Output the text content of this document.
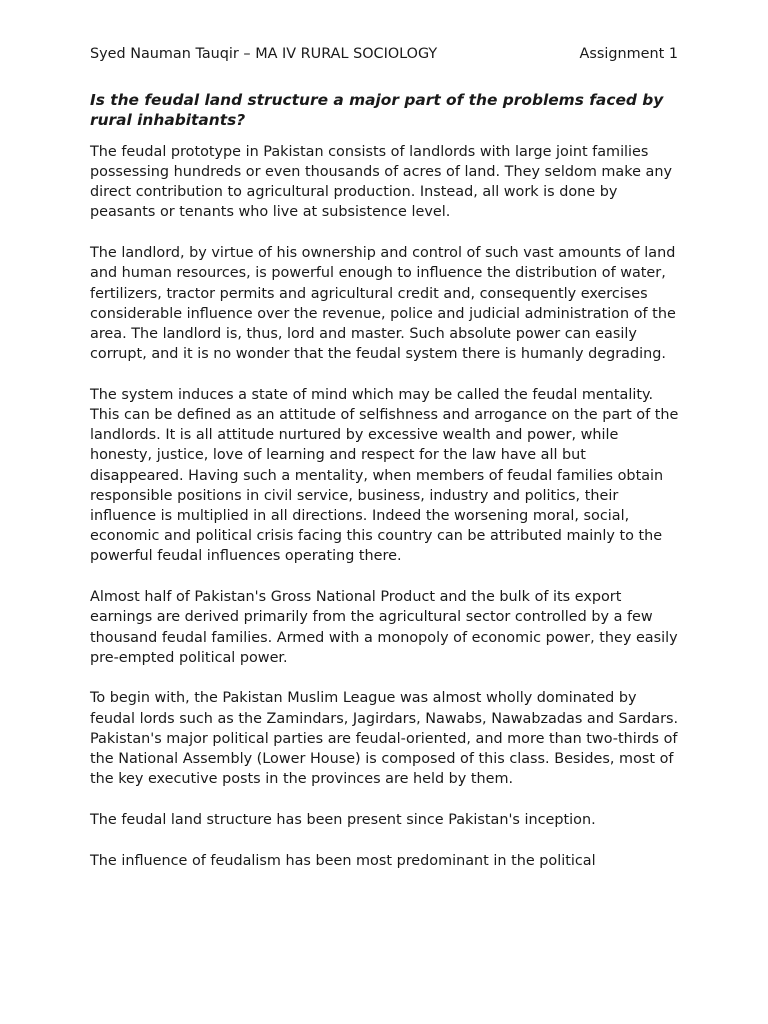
Syed Nauman Tauqir – MA IV RURAL SOCIOLOGY	Assignment 1

Is the feudal land structure a major part of the problems faced by rural inhabitants?

The feudal prototype in Pakistan consists of landlords with large joint families possessing hundreds or even thousands of acres of land. They seldom make any direct contribution to agricultural production. Instead, all work is done by peasants or tenants who live at subsistence level.

The landlord, by virtue of his ownership and control of such vast amounts of land and human resources, is powerful enough to influence the distribution of water, fertilizers, tractor permits and agricultural credit and, consequently exercises considerable influence over the revenue, police and judicial administration of the area. The landlord is, thus, lord and master. Such absolute power can easily corrupt, and it is no wonder that the feudal system there is humanly degrading.

The system induces a state of mind which may be called the feudal mentality. This can be defined as an attitude of selfishness and arrogance on the part of the landlords. It is all attitude nurtured by excessive wealth and power, while honesty, justice, love of learning and respect for the law have all but disappeared. Having such a mentality, when members of feudal families obtain responsible positions in civil service, business, industry and politics, their influence is multiplied in all directions. Indeed the worsening moral, social, economic and political crisis facing this country can be attributed mainly to the powerful feudal influences operating there.

Almost half of Pakistan's Gross National Product and the bulk of its export earnings are derived primarily from the agricultural sector controlled by a few thousand feudal families. Armed with a monopoly of economic power, they easily pre-empted political power.

To begin with, the Pakistan Muslim League was almost wholly dominated by feudal lords such as the Zamindars, Jagirdars, Nawabs, Nawabzadas and Sardars. Pakistan's major political parties are feudal-oriented, and more than two-thirds of the National Assembly (Lower House) is composed of this class. Besides, most of the key executive posts in the provinces are held by them.

The feudal land structure has been present since Pakistan's inception.

The influence of feudalism has been most predominant in the political
